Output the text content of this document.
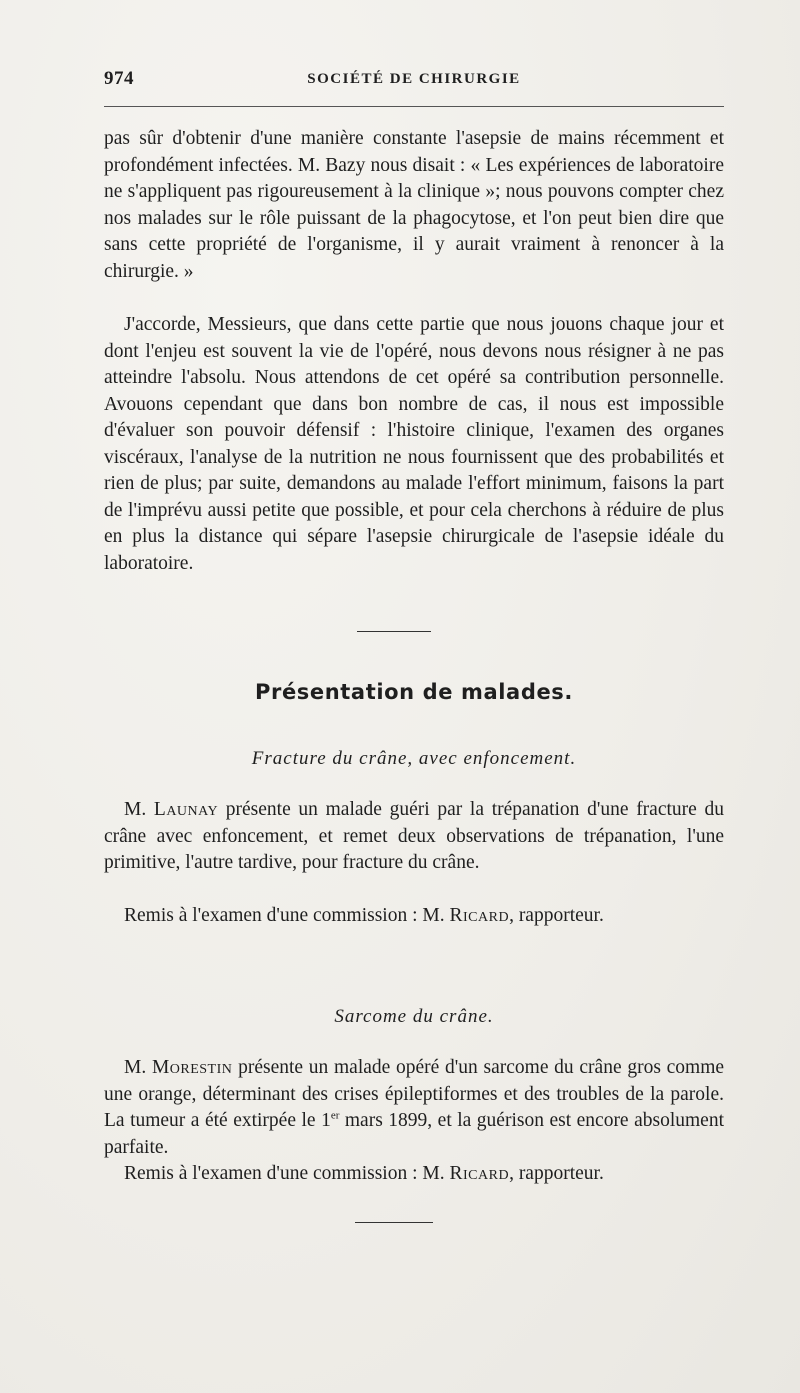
974	SOCIÉTÉ DE CHIRURGIE

pas sûr d'obtenir d'une manière constante l'asepsie de mains récemment et profondément infectées. M. Bazy nous disait : « Les expériences de laboratoire ne s'appliquent pas rigoureusement à la clinique »; nous pouvons compter chez nos malades sur le rôle puissant de la phagocytose, et l'on peut bien dire que sans cette propriété de l'organisme, il y aurait vraiment à renoncer à la chirurgie. »

J'accorde, Messieurs, que dans cette partie que nous jouons chaque jour et dont l'enjeu est souvent la vie de l'opéré, nous devons nous résigner à ne pas atteindre l'absolu. Nous attendons de cet opéré sa contribution personnelle. Avouons cependant que dans bon nombre de cas, il nous est impossible d'évaluer son pouvoir défensif : l'histoire clinique, l'examen des organes viscéraux, l'analyse de la nutrition ne nous fournissent que des probabilités et rien de plus; par suite, demandons au malade l'effort minimum, faisons la part de l'imprévu aussi petite que possible, et pour cela cherchons à réduire de plus en plus la distance qui sépare l'asepsie chirurgicale de l'asepsie idéale du laboratoire.

Présentation de malades.
Fracture du crâne, avec enfoncement.

M. Launay présente un malade guéri par la trépanation d'une fracture du crâne avec enfoncement, et remet deux observations de trépanation, l'une primitive, l'autre tardive, pour fracture du crâne.

Remis à l'examen d'une commission : M. Ricard, rapporteur.

Sarcome du crâne.

M. Morestin présente un malade opéré d'un sarcome du crâne gros comme une orange, déterminant des crises épileptiformes et des troubles de la parole. La tumeur a été extirpée le 1er mars 1899, et la guérison est encore absolument parfaite.

Remis à l'examen d'une commission : M. Ricard, rapporteur.
